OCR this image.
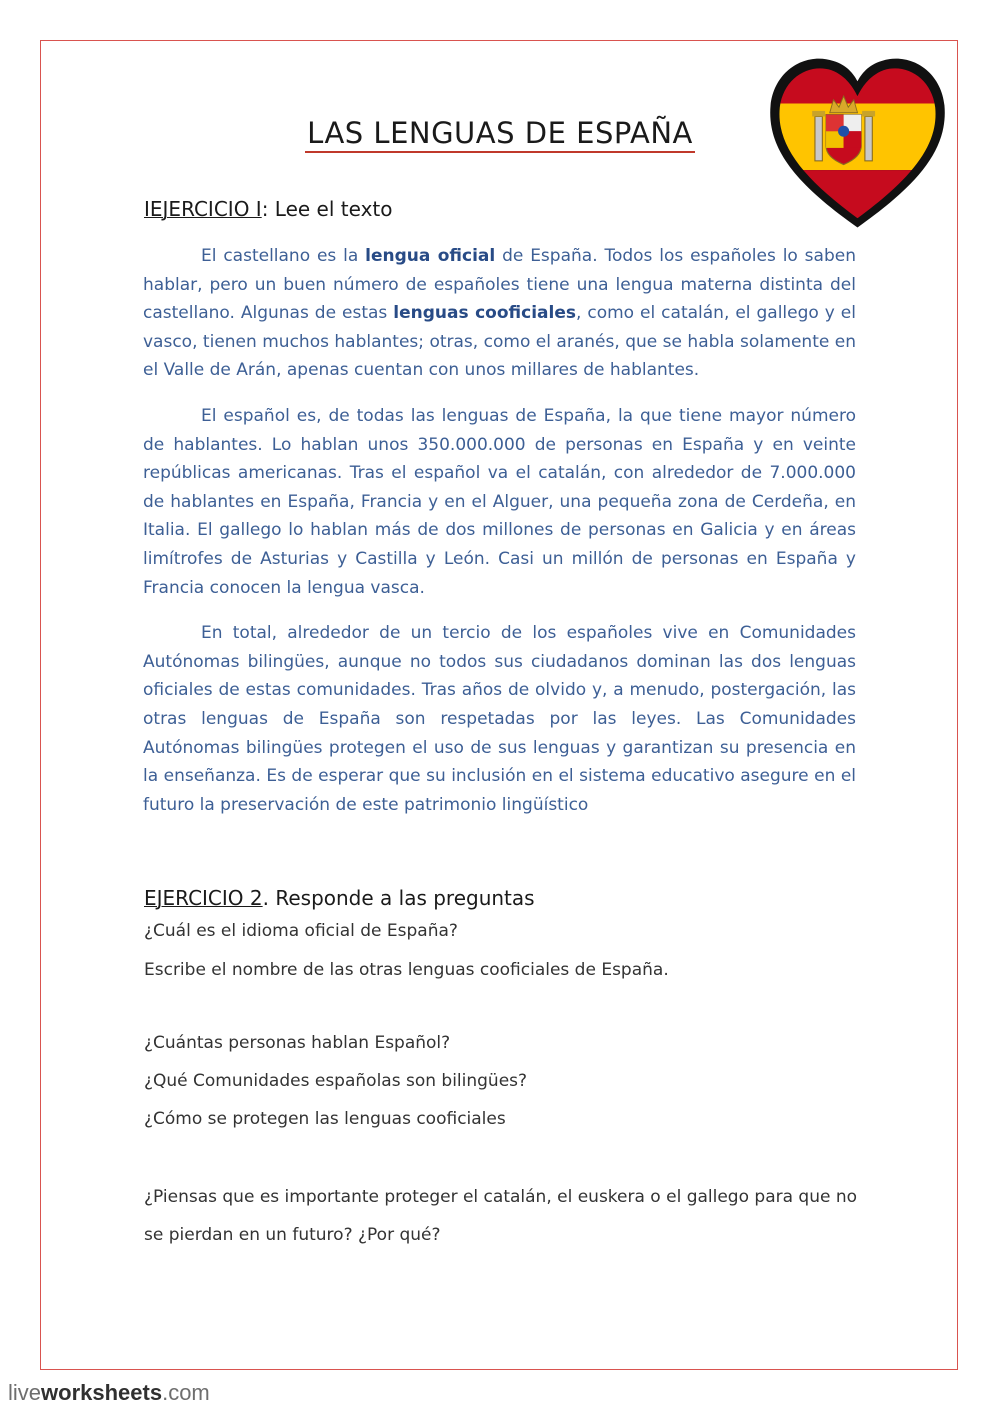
LAS LENGUAS DE ESPAÑA
IEJERCICIO I: Lee el texto

El castellano es la lengua oficial de España. Todos los españoles lo saben hablar, pero un buen número de españoles tiene una lengua materna distinta del castellano. Algunas de estas lenguas cooficiales, como el catalán, el gallego y el vasco, tienen muchos hablantes; otras, como el aranés, que se habla solamente en el Valle de Arán, apenas cuentan con unos millares de hablantes.

El español es, de todas las lenguas de España, la que tiene mayor número de hablantes. Lo hablan unos 350.000.000 de personas en España y en veinte repúblicas americanas. Tras el español va el catalán, con alrededor de 7.000.000 de hablantes en España, Francia y en el Alguer, una pequeña zona de Cerdeña, en Italia. El gallego lo hablan más de dos millones de personas en Galicia y en áreas limítrofes de Asturias y Castilla y León. Casi un millón de personas en España y Francia conocen la lengua vasca.

En total, alrededor de un tercio de los españoles vive en Comunidades Autónomas bilingües, aunque no todos sus ciudadanos dominan las dos lenguas oficiales de estas comunidades. Tras años de olvido y, a menudo, postergación, las otras lenguas de España son respetadas por las leyes. Las Comunidades Autónomas bilingües protegen el uso de sus lenguas y garantizan su presencia en la enseñanza. Es de esperar que su inclusión en el sistema educativo asegure en el futuro la preservación de este patrimonio lingüístico

EJERCICIO 2. Responde a las preguntas
¿Cuál es el idioma oficial de España?
Escribe el nombre de las otras lenguas cooficiales de España.
¿Cuántas personas hablan Español?
¿Qué Comunidades españolas son bilingües?
¿Cómo se protegen las lenguas cooficiales
¿Piensas que es importante proteger el catalán, el euskera o el gallego para que no se pierdan en un futuro? ¿Por qué?
liveworksheets.com
